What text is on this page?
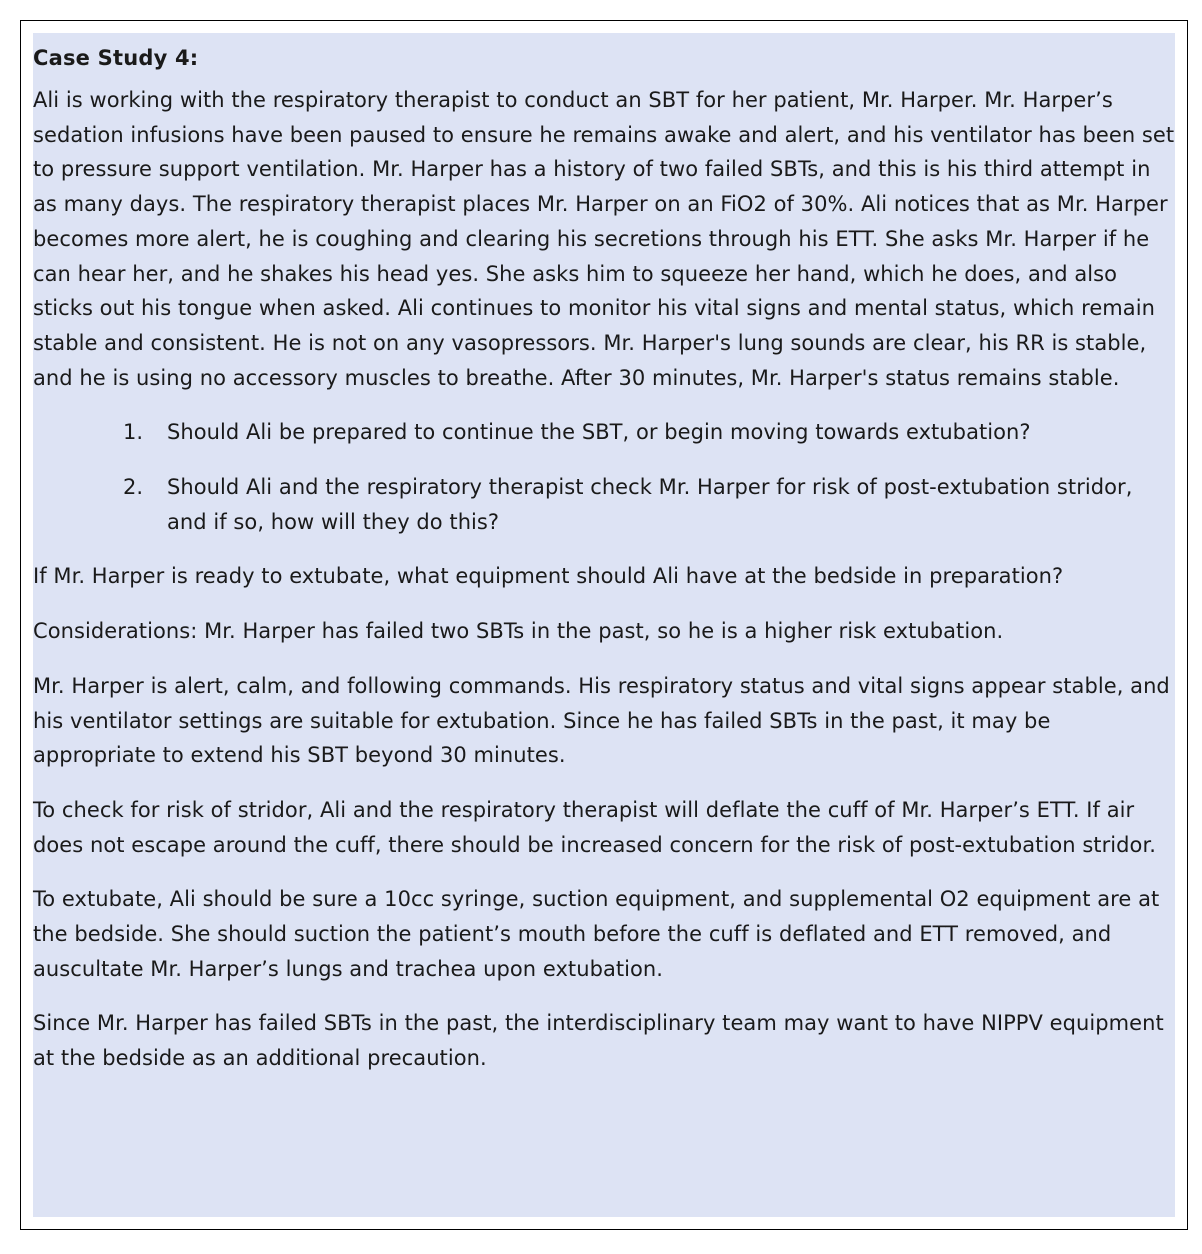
Case Study 4:

Ali is working with the respiratory therapist to conduct an SBT for her patient, Mr. Harper. Mr. Harper’s sedation infusions have been paused to ensure he remains awake and alert, and his ventilator has been set to pressure support ventilation. Mr. Harper has a history of two failed SBTs, and this is his third attempt in as many days. The respiratory therapist places Mr. Harper on an FiO2 of 30%. Ali notices that as Mr. Harper becomes more alert, he is coughing and clearing his secretions through his ETT. She asks Mr. Harper if he can hear her, and he shakes his head yes. She asks him to squeeze her hand, which he does, and also sticks out his tongue when asked. Ali continues to monitor his vital signs and mental status, which remain stable and consistent. He is not on any vasopressors. Mr. Harper's lung sounds are clear, his RR is stable, and he is using no accessory muscles to breathe. After 30 minutes, Mr. Harper's status remains stable.

1. Should Ali be prepared to continue the SBT, or begin moving towards extubation?
2. Should Ali and the respiratory therapist check Mr. Harper for risk of post-extubation stridor, and if so, how will they do this?

If Mr. Harper is ready to extubate, what equipment should Ali have at the bedside in preparation?

Considerations: Mr. Harper has failed two SBTs in the past, so he is a higher risk extubation.

Mr. Harper is alert, calm, and following commands. His respiratory status and vital signs appear stable, and his ventilator settings are suitable for extubation. Since he has failed SBTs in the past, it may be appropriate to extend his SBT beyond 30 minutes.

To check for risk of stridor, Ali and the respiratory therapist will deflate the cuff of Mr. Harper’s ETT. If air does not escape around the cuff, there should be increased concern for the risk of post-extubation stridor.

To extubate, Ali should be sure a 10cc syringe, suction equipment, and supplemental O2 equipment are at the bedside. She should suction the patient’s mouth before the cuff is deflated and ETT removed, and auscultate Mr. Harper’s lungs and trachea upon extubation.

Since Mr. Harper has failed SBTs in the past, the interdisciplinary team may want to have NIPPV equipment at the bedside as an additional precaution.
